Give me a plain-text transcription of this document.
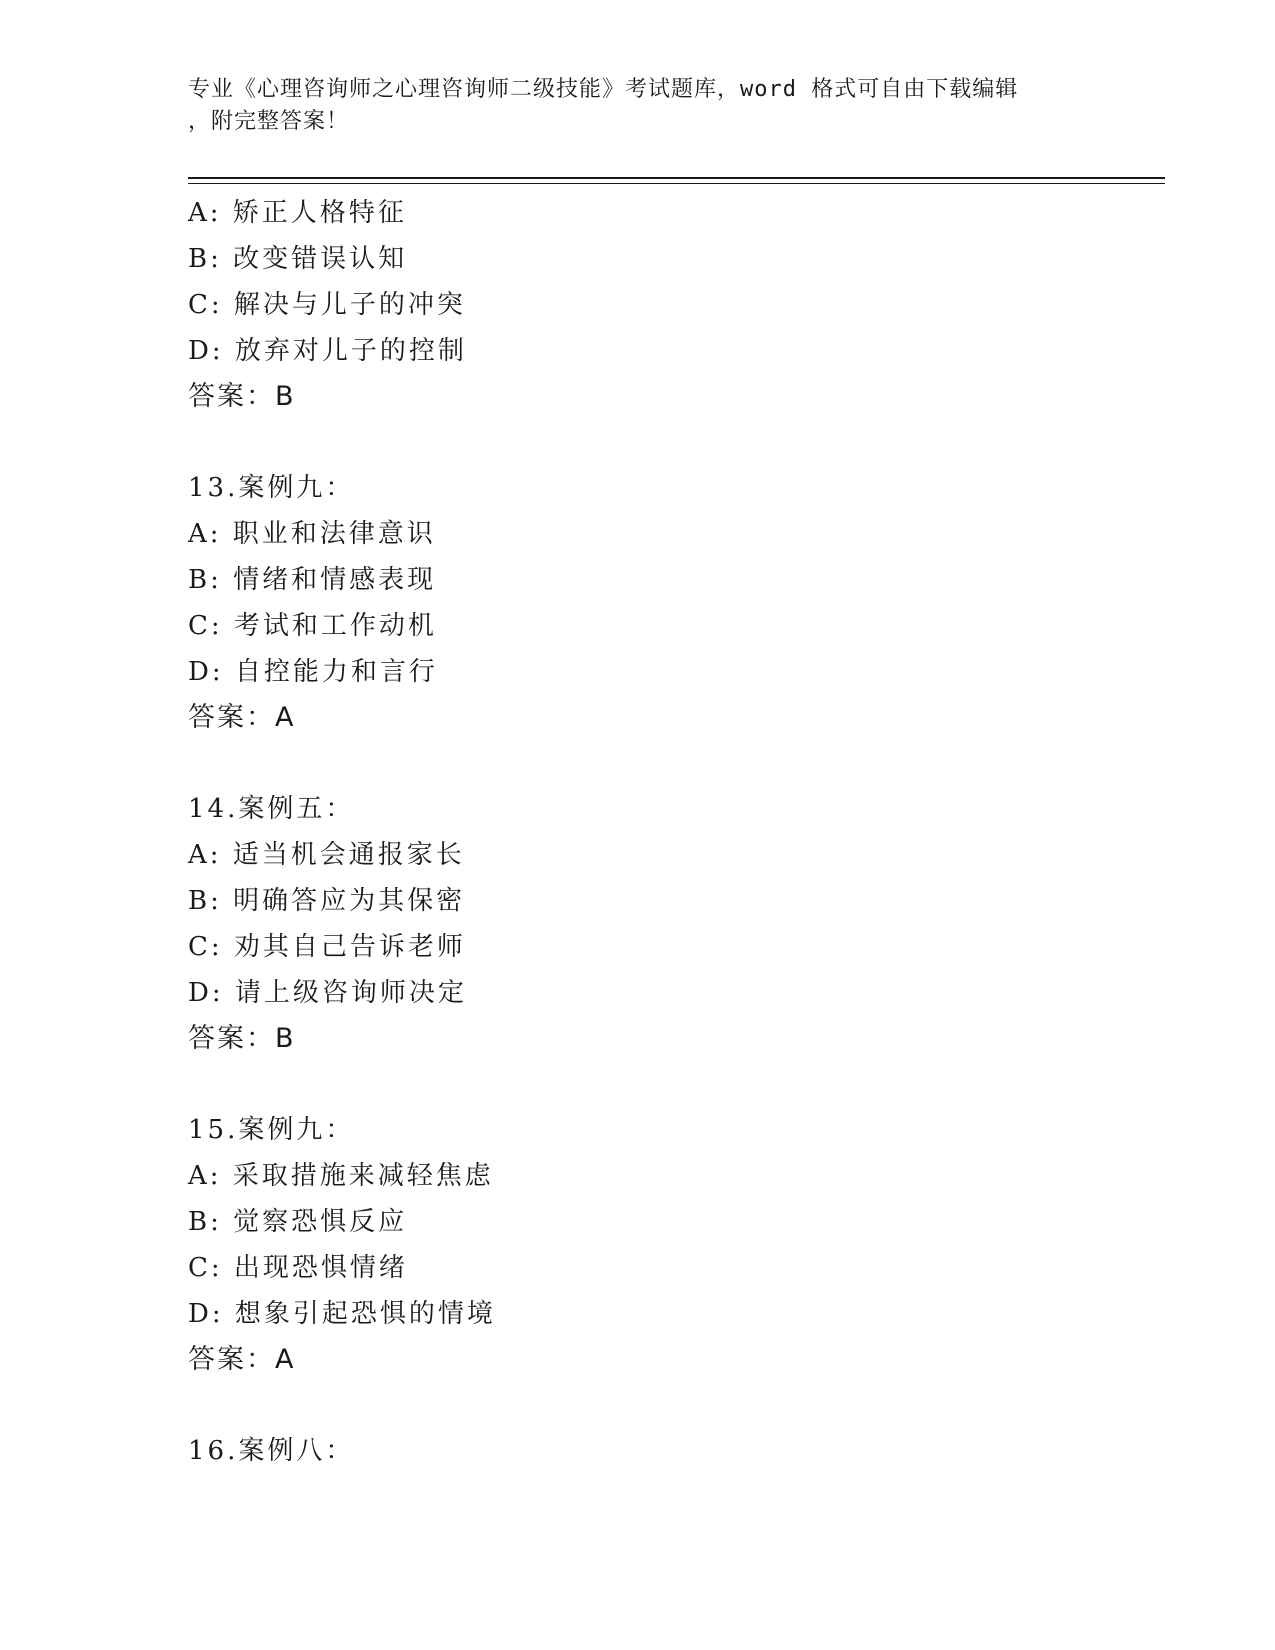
专业《心理咨询师之心理咨询师二级技能》考试题库，word 格式可自由下载编辑
，附完整答案！
A: 矫正人格特征
B: 改变错误认知
C: 解决与儿子的冲突
D: 放弃对儿子的控制
答案：B
13.案例九：
A: 职业和法律意识
B: 情绪和情感表现
C: 考试和工作动机
D: 自控能力和言行
答案：A
14.案例五：
A: 适当机会通报家长
B: 明确答应为其保密
C: 劝其自己告诉老师
D: 请上级咨询师决定
答案：B
15.案例九：
A: 采取措施来减轻焦虑
B: 觉察恐惧反应
C: 出现恐惧情绪
D: 想象引起恐惧的情境
答案：A
16.案例八：
